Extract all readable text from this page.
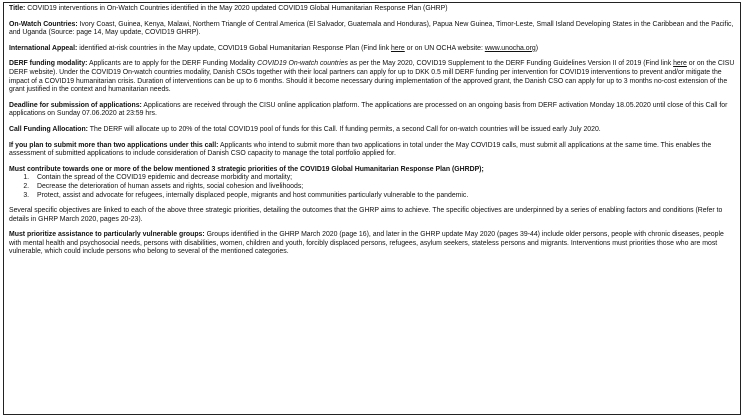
Title: COVID19 interventions in On-Watch Countries identified in the May 2020 updated COVID19 Global Humanitarian Response Plan (GHRP)

On-Watch Countries: Ivory Coast, Guinea, Kenya, Malawi, Northern Triangle of Central America (El Salvador, Guatemala and Honduras), Papua New Guinea, Timor-Leste, Small Island Developing States in the Caribbean and the Pacific, and Uganda (Source: page 14, May update, COVID19 GHRP).

International Appeal: identified at-risk countries in the May update, COVID19 Gobal Humanitarian Response Plan (Find link here or on UN OCHA website: www.unocha.org)

DERF funding modality: Applicants are to apply for the DERF Funding Modality COVID19 On-watch countries as per the May 2020, COVID19 Supplement to the DERF Funding Guidelines Version II of 2019 (Find link here or on the CISU DERF website). Under the COVID19 On-watch countries modality, Danish CSOs together with their local partners can apply for up to DKK 0.5 mill DERF funding per intervention for COVID19 interventions to prevent and/or mitigate the impact of a COVID19 humanitarian crisis. Duration of interventions can be up to 6 months. Should it become necessary during implementation of the approved grant, the Danish CSO can apply for up to 3 months no-cost extension of the grant justified in the context and humanitarian needs.

Deadline for submission of applications: Applications are received through the CISU online application platform. The applications are processed on an ongoing basis from DERF activation Monday 18.05.2020 until close of this Call for applications on Sunday 07.06.2020 at 23:59 hrs.

Call Funding Allocation: The DERF will allocate up to 20% of the total COVID19 pool of funds for this Call. If funding permits, a second Call for on-watch countries will be issued early July 2020.

If you plan to submit more than two applications under this call: Applicants who intend to submit more than two applications in total under the May COVID19 calls, must submit all applications at the same time. This enables the assessment of submitted applications to include consideration of Danish CSO capacity to manage the total portfolio applied for.

Must contribute towards one or more of the below mentioned 3 strategic priorities of the COVID19 Global Humanitarian Response Plan (GHRDP);

1. Contain the spread of the COVID19 epidemic and decrease morbidity and mortality;
2. Decrease the deterioration of human assets and rights, social cohesion and livelihoods;
3. Protect, assist and advocate for refugees, internally displaced people, migrants and host communities particularly vulnerable to the pandemic.

Several specific objectives are linked to each of the above three strategic priorities, detailing the outcomes that the GHRP aims to achieve. The specific objectives are underpinned by a series of enabling factors and conditions (Refer to details in GHRP March 2020, pages 20-23).

Must prioritize assistance to particularly vulnerable groups: Groups identified in the GHRP March 2020 (page 16), and later in the GHRP update May 2020 (pages 39-44) include older persons, people with chronic diseases, people with mental health and psychosocial needs, persons with disabilities, women, children and youth, forcibly displaced persons, refugees, asylum seekers, stateless persons and migrants. Interventions must priorities those who are most vulnerable, which could include persons who belong to several of the mentioned categories.
